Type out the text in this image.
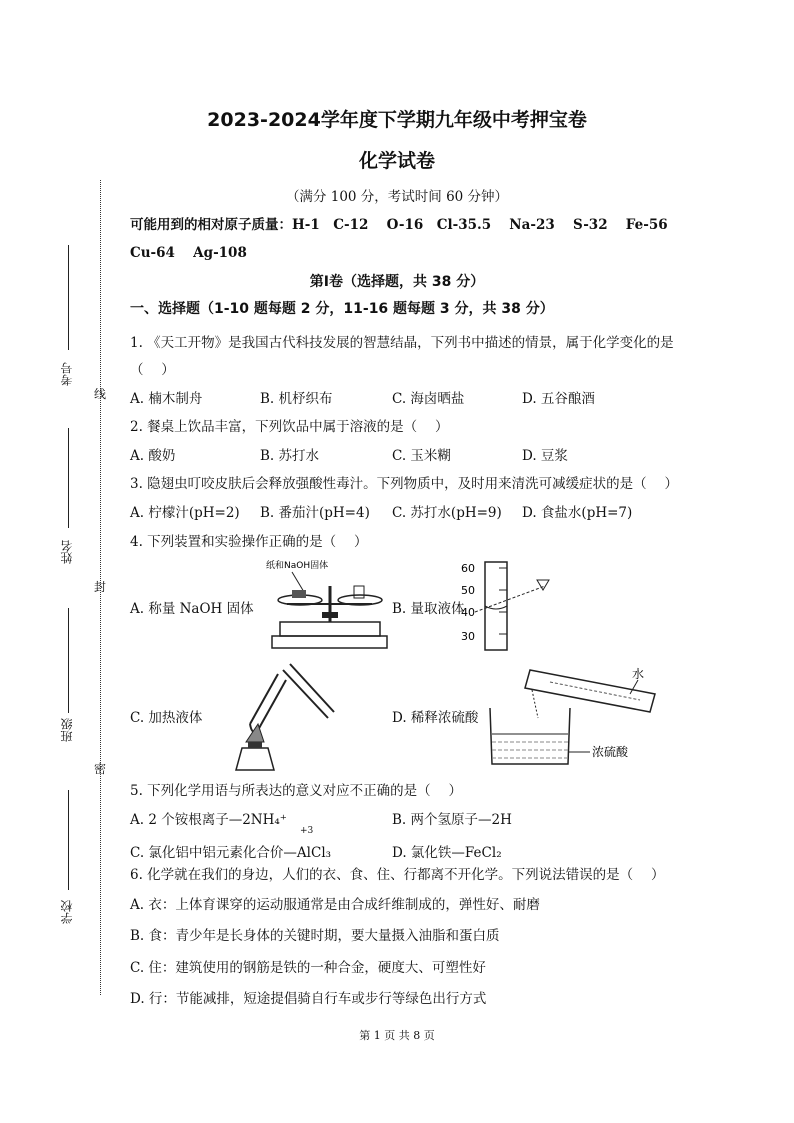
线
封
密
考号
姓名
班级
学校
2023-2024学年度下学期九年级中考押宝卷
化学试卷
（满分 100 分，考试时间 60 分钟）
可能用到的相对原子质量：H-1　C-12　 O-16　Cl-35.5　 Na-23　 S-32　 Fe-56
Cu-64　 Ag-108
第Ⅰ卷（选择题，共 38 分）
一、选择题（1-10 题每题 2 分，11-16 题每题 3 分，共 38 分）
1. 《天工开物》是我国古代科技发展的智慧结晶，下列书中描述的情景，属于化学变化的是
（　 ）
A. 楠木制舟	B. 机杼织布	C. 海卤晒盐	D. 五谷酿酒
2. 餐桌上饮品丰富，下列饮品中属于溶液的是（　 ）
A. 酸奶	B. 苏打水	C. 玉米糊	D. 豆浆
3. 隐翅虫叮咬皮肤后会释放强酸性毒汁。下列物质中，及时用来清洗可减缓症状的是（　 ）
A. 柠檬汁(pH=2) B. 番茄汁(pH=4) C. 苏打水(pH=9) D. 食盐水(pH=7)
4. 下列装置和实验操作正确的是（　 ）
A. 称量 NaOH 固体	B. 量取液体
C. 加热液体	D. 稀释浓硫酸
纸和NaOH固体	60
50
40
30
水
浓硫酸
5. 下列化学用语与所表达的意义对应不正确的是（　 ）
A. 2 个铵根离子—2NH₄⁺	B. 两个氢原子—2H
+3
C. 氯化铝中铝元素化合价—AlCl₃	D. 氯化铁—FeCl₂
6. 化学就在我们的身边，人们的衣、食、住、行都离不开化学。下列说法错误的是（　 ）
A. 衣：上体育课穿的运动服通常是由合成纤维制成的，弹性好、耐磨
B. 食：青少年是长身体的关键时期，要大量摄入油脂和蛋白质
C. 住：建筑使用的钢筋是铁的一种合金，硬度大、可塑性好
D. 行：节能减排，短途提倡骑自行车或步行等绿色出行方式
第 1 页 共 8 页
